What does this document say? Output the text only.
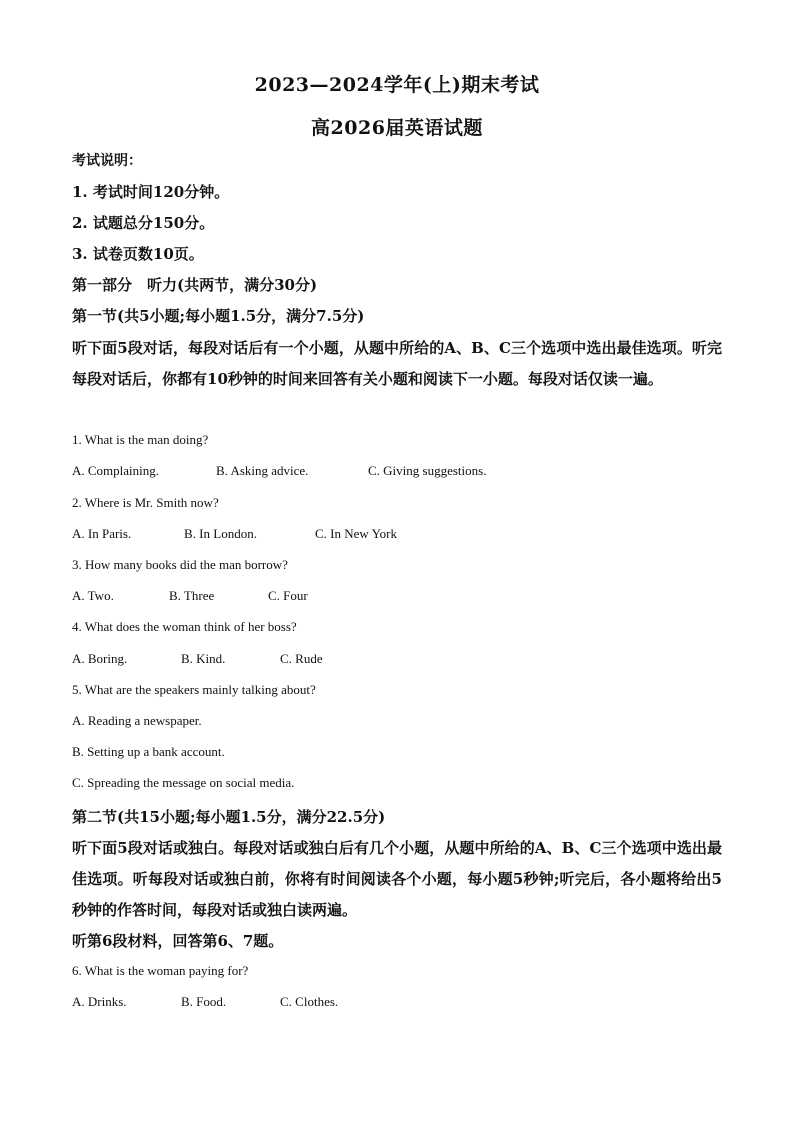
2023—2024学年(上)期末考试
高2026届英语试题
考试说明：
1. 考试时间120分钟。
2. 试题总分150分。
3. 试卷页数10页。
第一部分　听力(共两节，满分30分)
第一节(共5小题;每小题1.5分，满分7.5分)
听下面5段对话，每段对话后有一个小题，从题中所给的A、B、C三个选项中选出最佳选项。听完每段对话后，你都有10秒钟的时间来回答有关小题和阅读下一小题。每段对话仅读一遍。
1. What is the man doing?
A. Complaining.	B. Asking advice.	C. Giving suggestions.
2. Where is Mr. Smith now?
A. In Paris.	B. In London.	C. In New York
3. How many books did the man borrow?
A. Two.	B. Three	C. Four
4. What does the woman think of her boss?
A. Boring.	B. Kind.	C. Rude
5. What are the speakers mainly talking about?
A. Reading a newspaper.
B. Setting up a bank account.
C. Spreading the message on social media.
第二节(共15小题;每小题1.5分，满分22.5分)
听下面5段对话或独白。每段对话或独白后有几个小题，从题中所给的A、B、C三个选项中选出最佳选项。听每段对话或独白前，你将有时间阅读各个小题，每小题5秒钟;听完后，各小题将给出5秒钟的作答时间，每段对话或独白读两遍。
听第6段材料，回答第6、7题。
6. What is the woman paying for?
A. Drinks.	B. Food.	C. Clothes.
